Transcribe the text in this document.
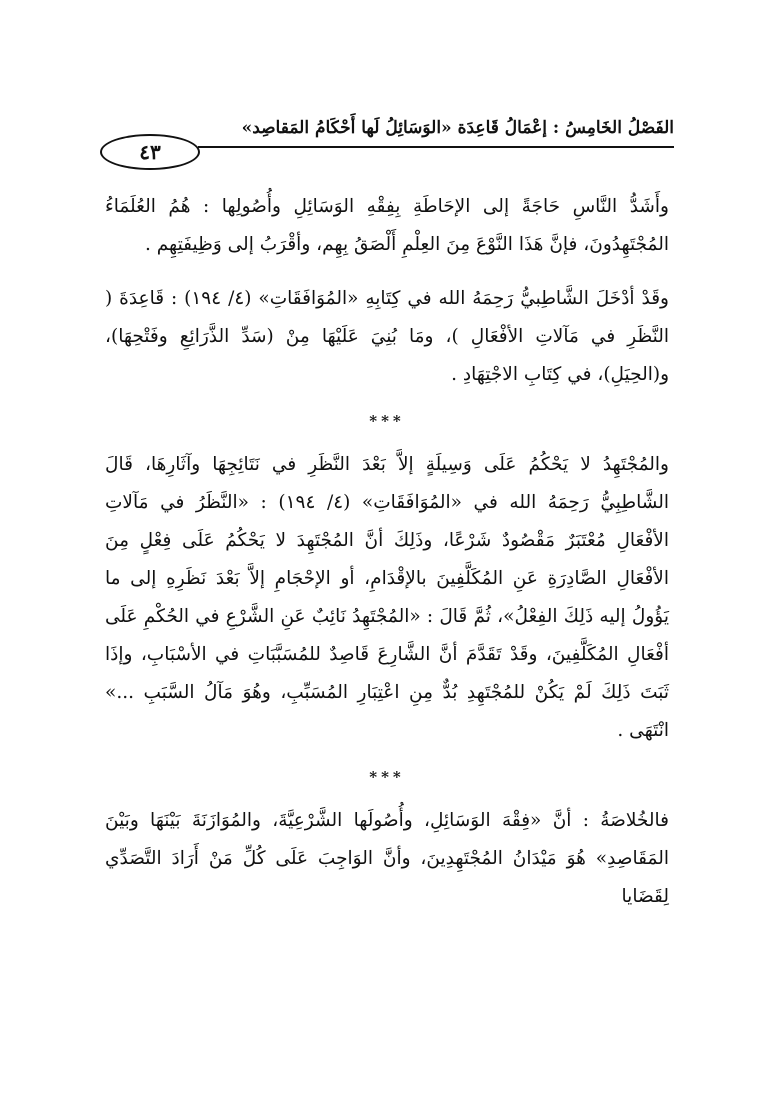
الفَصْلُ الخَامِسُ : إعْمَالُ قَاعِدَة «الوَسَائِلُ لَها أَحْكَامُ المَقاصِد»
٤٣

وأَشَدُّ النَّاسِ حَاجَةً إلى الإحَاطَةِ بِفِقْهِ الوَسَائِلِ وأُصُولِها : هُمُ العُلَمَاءُ المُجْتَهِدُونَ، فإنَّ هَذَا النَّوْعَ مِنَ العِلْمِ أَلْصَقُ بِهِم، وأقْرَبُ إلى وَظِيفَتِهِم .

وقَدْ أدْخَلَ الشَّاطِبيُّ رَحِمَهُ الله في كِتَابِهِ «المُوَافَقَاتِ» (٤/ ١٩٤) : قَاعِدَةَ ( النَّظَرِ في مَآلاتِ الأفْعَالِ )، ومَا بُنِيَ عَلَيْهَا مِنْ (سَدِّ الذَّرَائِعِ وفَتْحِهَا)، و(الحِيَلِ)، في كِتَابِ الاجْتِهَادِ .

***

والمُجْتَهِدُ لا يَحْكُمُ عَلَى وَسِيلَةٍ إلاَّ بَعْدَ النَّظَرِ في نَتَائِجِهَا وآثَارِهَا، قَالَ الشَّاطِبِيُّ رَحِمَهُ الله في «المُوَافَقَاتِ» (٤/ ١٩٤) : «النَّظَرُ في مَآلاتِ الأفْعَالِ مُعْتَبَرٌ مَقْصُودٌ شَرْعًا، وذَلِكَ أنَّ المُجْتَهِدَ لا يَحْكُمُ عَلَى فِعْلٍ مِنَ الأفْعَالِ الصَّادِرَةِ عَنِ المُكَلَّفِينَ بالإقْدَامِ، أو الإحْجَامِ إلاَّ بَعْدَ نَظَرِهِ إلى ما يَؤُولُ إليه ذَلِكَ الفِعْلُ»، ثُمَّ قَالَ : «المُجْتَهِدُ نَائِبٌ عَنِ الشَّرْعِ في الحُكْمِ عَلَى أفْعَالِ المُكَلَّفِينَ، وقَدْ تَقَدَّمَ أنَّ الشَّارِعَ قَاصِدٌ للمُسَبَّبَاتِ في الأسْبَابِ، وإذَا ثَبَتَ ذَلِكَ لَمْ يَكُنْ للمُجْتَهِدِ بُدٌّ مِنِ اعْتِبَارِ المُسَبِّبِ، وهُوَ مَآلُ السَّبَبِ ...» انْتَهَى .

***

فالخُلاصَةُ : أنَّ «فِقْهَ الوَسَائِلِ، وأُصُولَها الشَّرْعِيَّةَ، والمُوَازَنَةَ بَيْنَهَا وبَيْنَ المَقَاصِدِ» هُوَ مَيْدَانُ المُجْتَهِدِينَ، وأنَّ الوَاجِبَ عَلَى كُلِّ مَنْ أَرَادَ التَّصَدِّي لِقَضَايا
